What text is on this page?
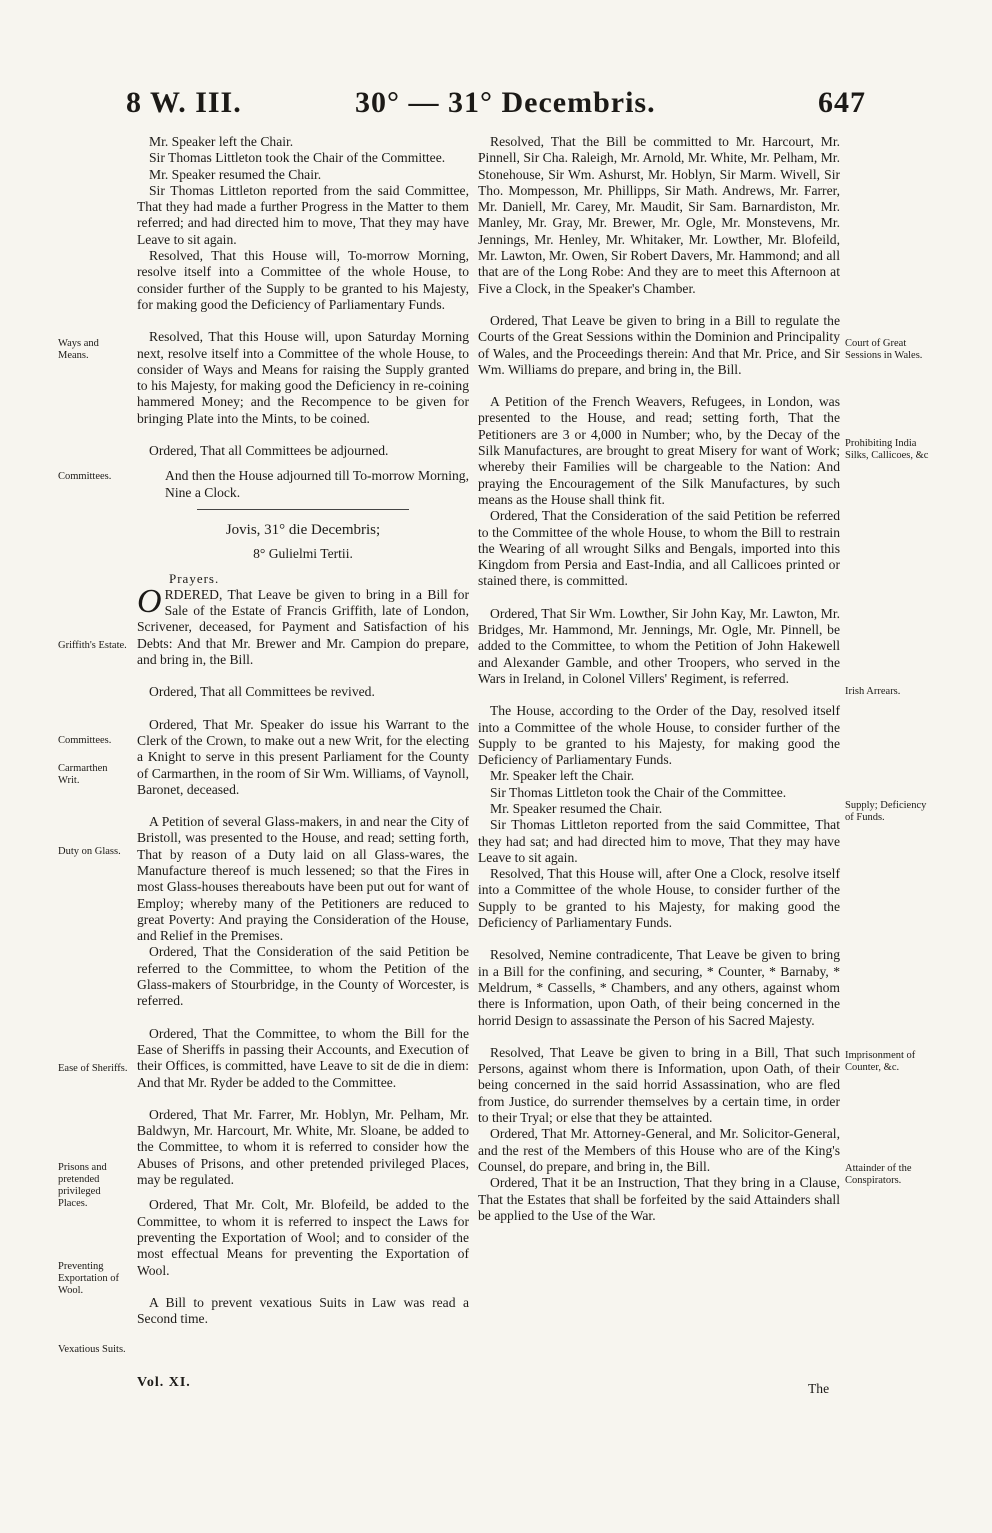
8 W. III.	30° — 31° Decembris.	647

Mr. Speaker left the Chair.

Sir Thomas Littleton took the Chair of the Committee.

Mr. Speaker resumed the Chair.

Sir Thomas Littleton reported from the said Committee, That they had made a further Progress in the Matter to them referred; and had directed him to move, That they may have Leave to sit again.

Resolved, That this House will, To-morrow Morning, resolve itself into a Committee of the whole House, to consider further of the Supply to be granted to his Majesty, for making good the Deficiency of Parliamentary Funds.

Resolved, That this House will, upon Saturday Morning next, resolve itself into a Committee of the whole House, to consider of Ways and Means for raising the Supply granted to his Majesty, for making good the Deficiency in re-coining hammered Money; and the Recompence to be given for bringing Plate into the Mints, to be coined.

Ordered, That all Committees be adjourned.

And then the House adjourned till To-morrow Morning, Nine a Clock.

Jovis, 31° die Decembris;

8° Gulielmi Tertii.

Prayers.

ORDERED, That Leave be given to bring in a Bill for Sale of the Estate of Francis Griffith, late of London, Scrivener, deceased, for Payment and Satisfaction of his Debts: And that Mr. Brewer and Mr. Campion do prepare, and bring in, the Bill.

Ordered, That all Committees be revived.

Ordered, That Mr. Speaker do issue his Warrant to the Clerk of the Crown, to make out a new Writ, for the electing a Knight to serve in this present Parliament for the County of Carmarthen, in the room of Sir Wm. Williams, of Vaynoll, Baronet, deceased.

A Petition of several Glass-makers, in and near the City of Bristoll, was presented to the House, and read; setting forth, That by reason of a Duty laid on all Glass-wares, the Manufacture thereof is much lessened; so that the Fires in most Glass-houses thereabouts have been put out for want of Employ; whereby many of the Petitioners are reduced to great Poverty: And praying the Consideration of the House, and Relief in the Premises.

Ordered, That the Consideration of the said Petition be referred to the Committee, to whom the Petition of the Glass-makers of Stourbridge, in the County of Worcester, is referred.

Ordered, That the Committee, to whom the Bill for the Ease of Sheriffs in passing their Accounts, and Execution of their Offices, is committed, have Leave to sit de die in diem: And that Mr. Ryder be added to the Committee.

Ordered, That Mr. Farrer, Mr. Hoblyn, Mr. Pelham, Mr. Baldwyn, Mr. Harcourt, Mr. White, Mr. Sloane, be added to the Committee, to whom it is referred to consider how the Abuses of Prisons, and other pretended privileged Places, may be regulated.

Ordered, That Mr. Colt, Mr. Blofeild, be added to the Committee, to whom it is referred to inspect the Laws for preventing the Exportation of Wool; and to consider of the most effectual Means for preventing the Exportation of Wool.

A Bill to prevent vexatious Suits in Law was read a Second time.

Resolved, That the Bill be committed to Mr. Harcourt, Mr. Pinnell, Sir Cha. Raleigh, Mr. Arnold, Mr. White, Mr. Pelham, Mr. Stonehouse, Sir Wm. Ashurst, Mr. Hoblyn, Sir Marm. Wivell, Sir Tho. Mompesson, Mr. Phillipps, Sir Math. Andrews, Mr. Farrer, Mr. Daniell, Mr. Carey, Mr. Maudit, Sir Sam. Barnardiston, Mr. Manley, Mr. Gray, Mr. Brewer, Mr. Ogle, Mr. Monstevens, Mr. Jennings, Mr. Henley, Mr. Whitaker, Mr. Lowther, Mr. Blofeild, Mr. Lawton, Mr. Owen, Sir Robert Davers, Mr. Hammond; and all that are of the Long Robe: And they are to meet this Afternoon at Five a Clock, in the Speaker's Chamber.

Ordered, That Leave be given to bring in a Bill to regulate the Courts of the Great Sessions within the Dominion and Principality of Wales, and the Proceedings therein: And that Mr. Price, and Sir Wm. Williams do prepare, and bring in, the Bill.

A Petition of the French Weavers, Refugees, in London, was presented to the House, and read; setting forth, That the Petitioners are 3 or 4,000 in Number; who, by the Decay of the Silk Manufactures, are brought to great Misery for want of Work; whereby their Families will be chargeable to the Nation: And praying the Encouragement of the Silk Manufactures, by such means as the House shall think fit.

Ordered, That the Consideration of the said Petition be referred to the Committee of the whole House, to whom the Bill to restrain the Wearing of all wrought Silks and Bengals, imported into this Kingdom from Persia and East-India, and all Callicoes printed or stained there, is committed.

Ordered, That Sir Wm. Lowther, Sir John Kay, Mr. Lawton, Mr. Bridges, Mr. Hammond, Mr. Jennings, Mr. Ogle, Mr. Pinnell, be added to the Committee, to whom the Petition of John Hakewell and Alexander Gamble, and other Troopers, who served in the Wars in Ireland, in Colonel Villers' Regiment, is referred.

The House, according to the Order of the Day, resolved itself into a Committee of the whole House, to consider further of the Supply to be granted to his Majesty, for making good the Deficiency of Parliamentary Funds.

Mr. Speaker left the Chair.

Sir Thomas Littleton took the Chair of the Committee.

Mr. Speaker resumed the Chair.

Sir Thomas Littleton reported from the said Committee, That they had sat; and had directed him to move, That they may have Leave to sit again.

Resolved, That this House will, after One a Clock, resolve itself into a Committee of the whole House, to consider further of the Supply to be granted to his Majesty, for making good the Deficiency of Parliamentary Funds.

Resolved, Nemine contradicente, That Leave be given to bring in a Bill for the confining, and securing, * Counter, * Barnaby, * Meldrum, * Cassells, * Chambers, and any others, against whom there is Information, upon Oath, of their being concerned in the horrid Design to assassinate the Person of his Sacred Majesty.

Resolved, That Leave be given to bring in a Bill, That such Persons, against whom there is Information, upon Oath, of their being concerned in the said horrid Assassination, who are fled from Justice, do surrender themselves by a certain time, in order to their Tryal; or else that they be attainted.

Ordered, That Mr. Attorney-General, and Mr. Solicitor-General, and the rest of the Members of this House who are of the King's Counsel, do prepare, and bring in, the Bill.

Ordered, That it be an Instruction, That they bring in a Clause, That the Estates that shall be forfeited by the said Attainders shall be applied to the Use of the War.

Ways and Means.
Committees.
Griffith's Estate.
Committees.
Carmarthen Writ.
Duty on Glass.
Ease of Sheriffs.
Prisons and pretended privileged Places.
Preventing Exportation of Wool.
Vexatious Suits.
Court of Great Sessions in Wales.
Prohibiting India Silks, Callicoes, &c
Irish Arrears.
Supply; Deficiency of Funds.
Imprisonment of Counter, &c.
Attainder of the Conspirators.
Vol. XI.	The
